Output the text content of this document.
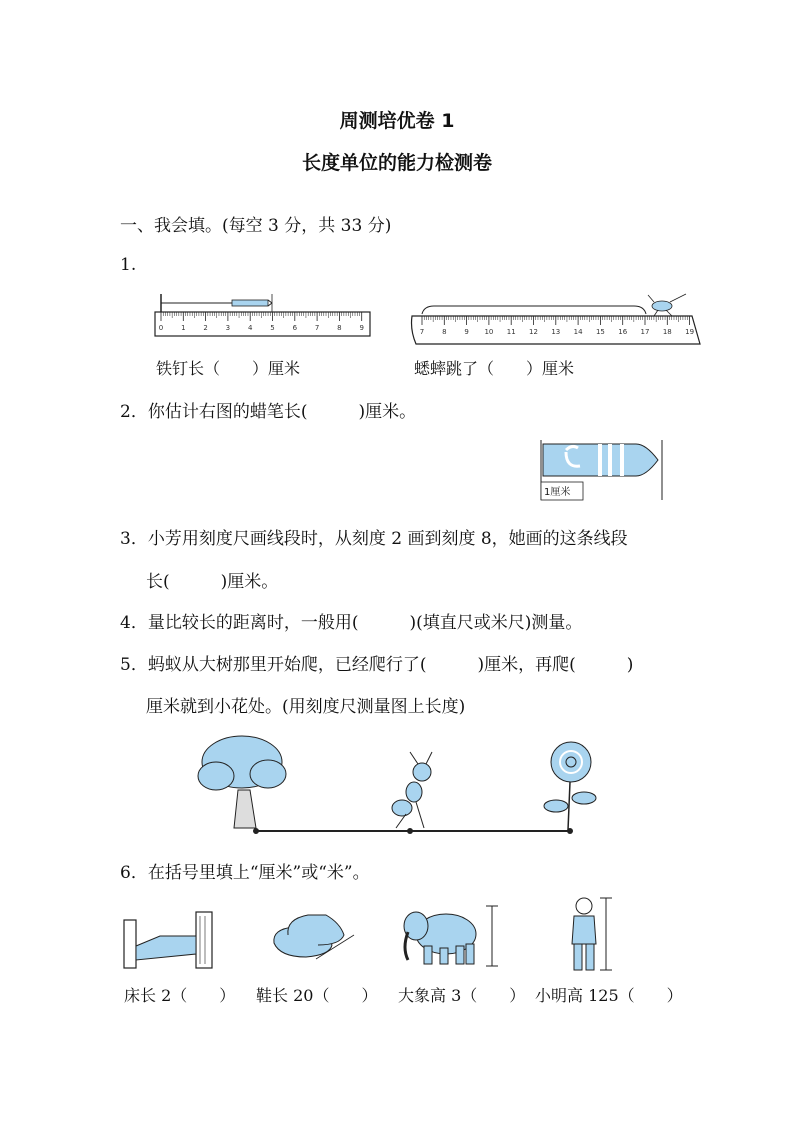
周测培优卷 1
长度单位的能力检测卷
一、我会填。(每空 3 分，共 33 分)
1.
0	1	2	3	4	5	6	7	8	9	7	8	9 10 11 12 13 14 15 16 17 18 19
铁钉长（　　）厘米	蟋蟀跳了（　　）厘米
2．你估计右图的蜡笔长(　　　)厘米。
1厘米
3．小芳用刻度尺画线段时，从刻度 2 画到刻度 8，她画的这条线段
长(　　　)厘米。
4．量比较长的距离时，一般用(　　　)(填直尺或米尺)测量。
5．蚂蚁从大树那里开始爬，已经爬行了(　　　)厘米，再爬(　　　)
厘米就到小花处。(用刻度尺测量图上长度)
6．在括号里填上“厘米”或“米”。
床长 2（　　） 鞋长 20（　　） 大象高 3（　　） 小明高 125（　　）
